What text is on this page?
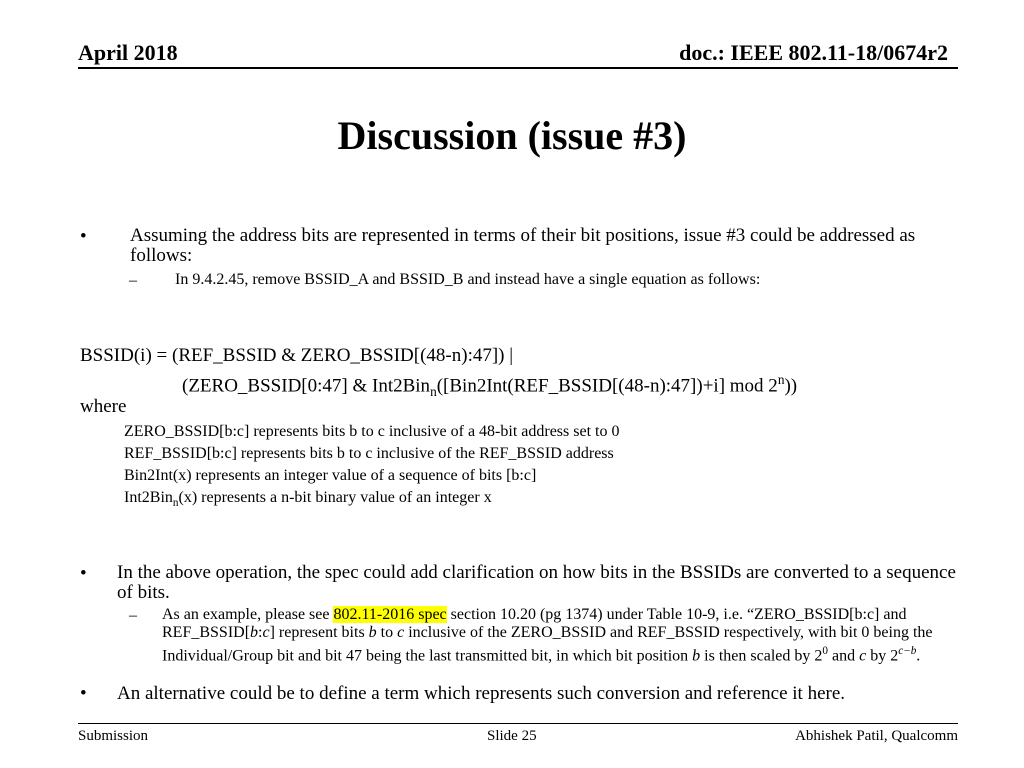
April 2018	doc.: IEEE 802.11-18/0674r2
Discussion (issue #3)
• Assuming the address bits are represented in terms of their bit positions, issue #3 could be addressed as follows:
– In 9.4.2.45, remove BSSID_A and BSSID_B and instead have a single equation as follows:
BSSID(i) = (REF_BSSID & ZERO_BSSID[(48-n):47]) |
(ZERO_BSSID[0:47] & Int2Bin$_n$([Bin2Int(REF_BSSID[(48-n):47])+i] mod 2$^n$))
where
ZERO_BSSID[b:c] represents bits b to c inclusive of a 48-bit address set to 0
REF_BSSID[b:c] represents bits b to c inclusive of the REF_BSSID address
Bin2Int(x) represents an integer value of a sequence of bits [b:c]
Int2Bin$_n$(x) represents a n-bit binary value of an integer x
• In the above operation, the spec could add clarification on how bits in the BSSIDs are converted to a sequence of bits.
– As an example, please see 802.11-2016 spec section 10.20 (pg 1374) under Table 10-9, i.e. “ZERO_BSSID[b:c] and REF_BSSID[b:c] represent bits b to c inclusive of the ZERO_BSSID and REF_BSSID respectively, with bit 0 being the Individual/Group bit and bit 47 being the last transmitted bit, in which bit position b is then scaled by $2^0$ and c by $2^{c-b}$.
• An alternative could be to define a term which represents such conversion and reference it here.
Submission	Slide 25	Abhishek Patil, Qualcomm
